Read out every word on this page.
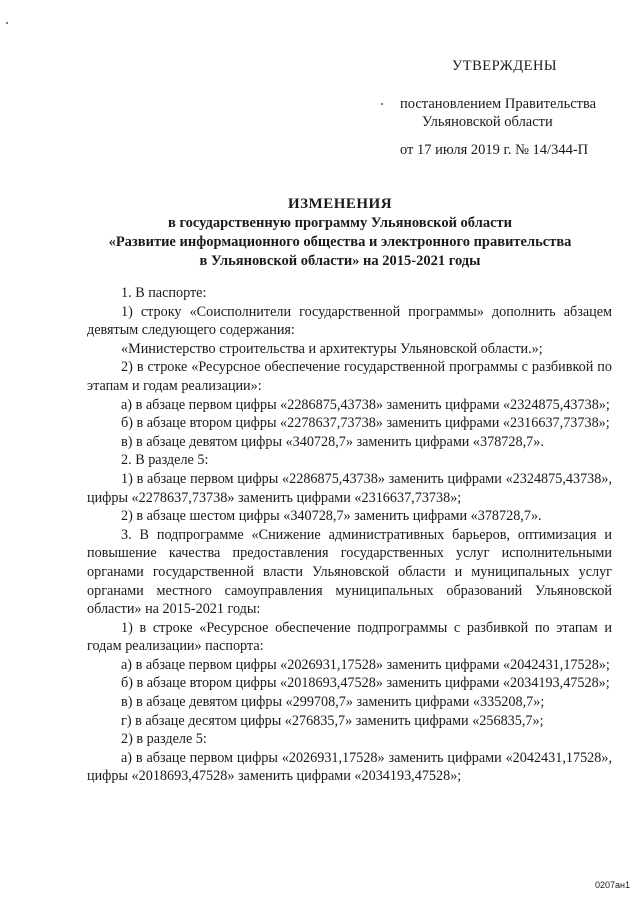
УТВЕРЖДЕНЫ
постановлением Правительства
Ульяновской области
от 17 июля 2019 г. № 14/344-П
ИЗМЕНЕНИЯ
в государственную программу Ульяновской области
«Развитие информационного общества и электронного правительства
в Ульяновской области» на 2015-2021 годы

1. В паспорте:

1) строку «Соисполнители государственной программы» дополнить абзацем девятым следующего содержания:

«Министерство строительства и архитектуры Ульяновской области.»;

2) в строке «Ресурсное обеспечение государственной программы с разбивкой по этапам и годам реализации»:

а) в абзаце первом цифры «2286875,43738» заменить цифрами «2324875,43738»;

б) в абзаце втором цифры «2278637,73738» заменить цифрами «2316637,73738»;

в) в абзаце девятом цифры «340728,7» заменить цифрами «378728,7».

2. В разделе 5:

1) в абзаце первом цифры «2286875,43738» заменить цифрами «2324875,43738», цифры «2278637,73738» заменить цифрами «2316637,73738»;

2) в абзаце шестом цифры «340728,7» заменить цифрами «378728,7».

3. В подпрограмме «Снижение административных барьеров, оптимизация и повышение качества предоставления государственных услуг исполнительными органами государственной власти Ульяновской области и муниципальных услуг органами местного самоуправления муниципальных образований Ульяновской области» на 2015-2021 годы:

1) в строке «Ресурсное обеспечение подпрограммы с разбивкой по этапам и годам реализации» паспорта:

а) в абзаце первом цифры «2026931,17528» заменить цифрами «2042431,17528»;

б) в абзаце втором цифры «2018693,47528» заменить цифрами «2034193,47528»;

в) в абзаце девятом цифры «299708,7» заменить цифрами «335208,7»;

г) в абзаце десятом цифры «276835,7» заменить цифрами «256835,7»;

2) в разделе 5:

а) в абзаце первом цифры «2026931,17528» заменить цифрами «2042431,17528», цифры «2018693,47528» заменить цифрами «2034193,47528»;

0207ан1
